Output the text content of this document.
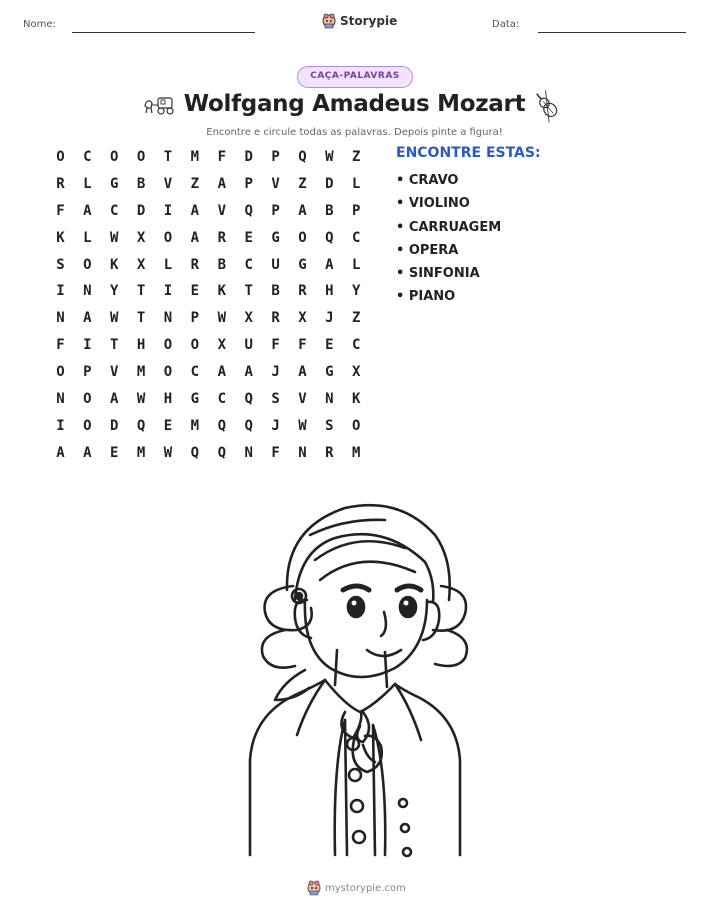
Nome:	Storypie	Data:
CAÇA-PALAVRAS
Wolfgang Amadeus Mozart
Encontre e circule todas as palavras. Depois pinte a figura!
O	C	O	O	T	M	F	D	P	Q	W	Z
R	L	G	B	V	Z	A	P	V	Z	D	L
F	A	C	D	I	A	V	Q	P	A	B	P
K	L	W	X	O	A	R	E	G	O	Q	C
S	O	K	X	L	R	B	C	U	G	A	L
I	N	Y	T	I	E	K	T	B	R	H	Y
N	A	W	T	N	P	W	X	R	X	J	Z
F	I	T	H	O	O	X	U	F	F	E	C
O	P	V	M	O	C	A	A	J	A	G	X
N	O	A	W	H	G	C	Q	S	V	N	K
I	O	D	Q	E	M	Q	Q	J	W	S	O
A	A	E	M	W	Q	Q	N	F	N	R	M
ENCONTRE ESTAS:
• CRAVO
• VIOLINO
• CARRUAGEM
• OPERA
• SINFONIA
• PIANO
mystorypie.com
